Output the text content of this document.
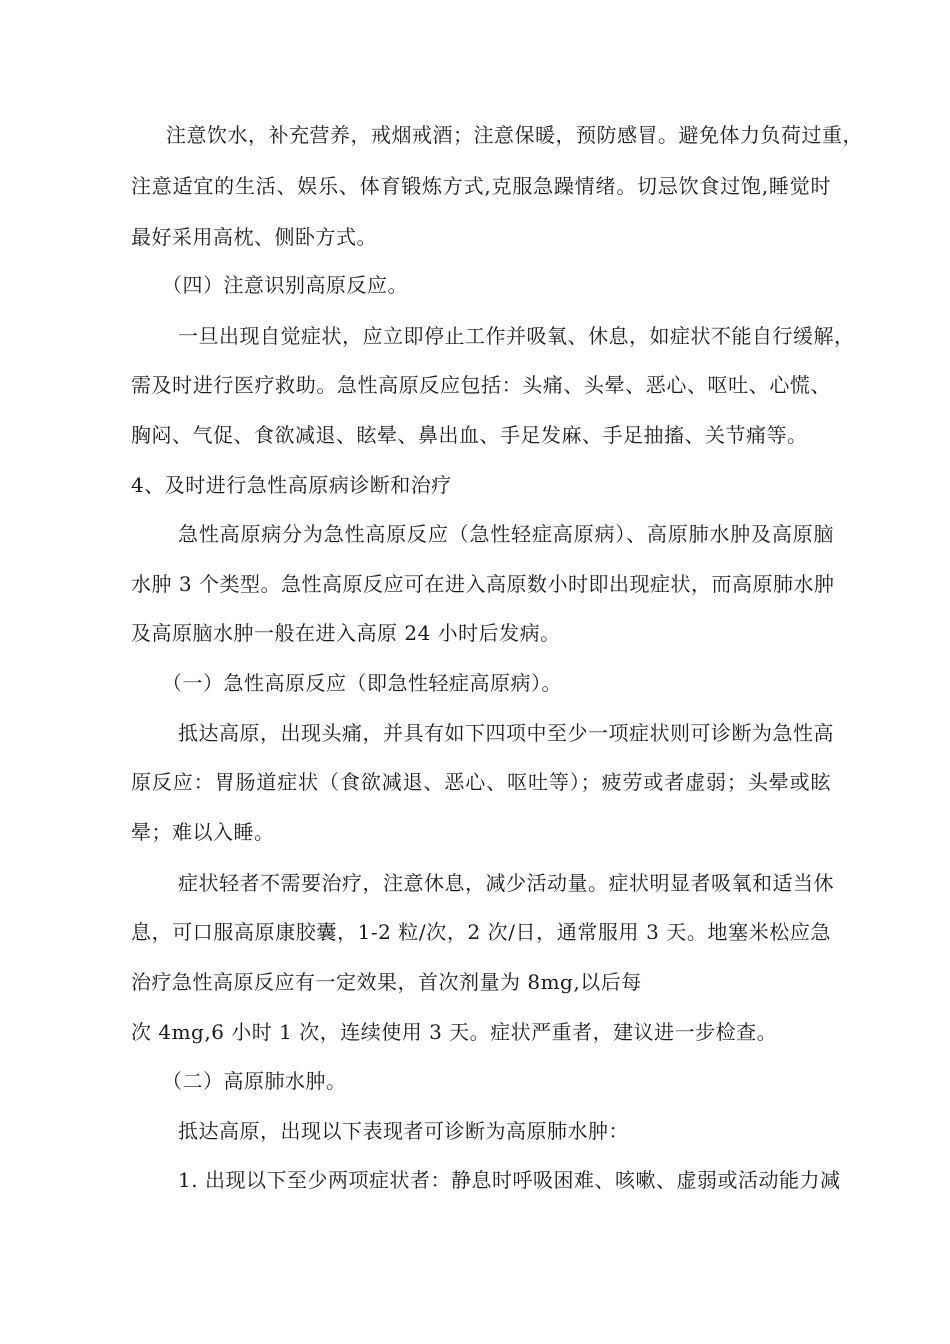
注意饮水，补充营养，戒烟戒酒；注意保暖，预防感冒。避免体力负荷过重，
注意适宜的生活、娱乐、体育锻炼方式,克服急躁情绪。切忌饮食过饱,睡觉时
最好采用高枕、侧卧方式。
（四）注意识别高原反应。
一旦出现自觉症状，应立即停止工作并吸氧、休息，如症状不能自行缓解，
需及时进行医疗救助。急性高原反应包括：头痛、头晕、恶心、呕吐、心慌、
胸闷、气促、食欲减退、眩晕、鼻出血、手足发麻、手足抽搐、关节痛等。
4、及时进行急性高原病诊断和治疗
急性高原病分为急性高原反应（急性轻症高原病）、高原肺水肿及高原脑
水肿 3 个类型。急性高原反应可在进入高原数小时即出现症状，而高原肺水肿
及高原脑水肿一般在进入高原 24 小时后发病。
（一）急性高原反应（即急性轻症高原病）。
抵达高原，出现头痛，并具有如下四项中至少一项症状则可诊断为急性高
原反应：胃肠道症状（食欲减退、恶心、呕吐等）；疲劳或者虚弱；头晕或眩
晕；难以入睡。
症状轻者不需要治疗，注意休息，减少活动量。症状明显者吸氧和适当休
息，可口服高原康胶囊，1-2 粒/次，2 次/日，通常服用 3 天。地塞米松应急
治疗急性高原反应有一定效果，首次剂量为 8mg,以后每
次 4mg,6 小时 1 次，连续使用 3 天。症状严重者，建议进一步检查。
（二）高原肺水肿。
抵达高原，出现以下表现者可诊断为高原肺水肿：
1. 出现以下至少两项症状者：静息时呼吸困难、咳嗽、虚弱或活动能力减
